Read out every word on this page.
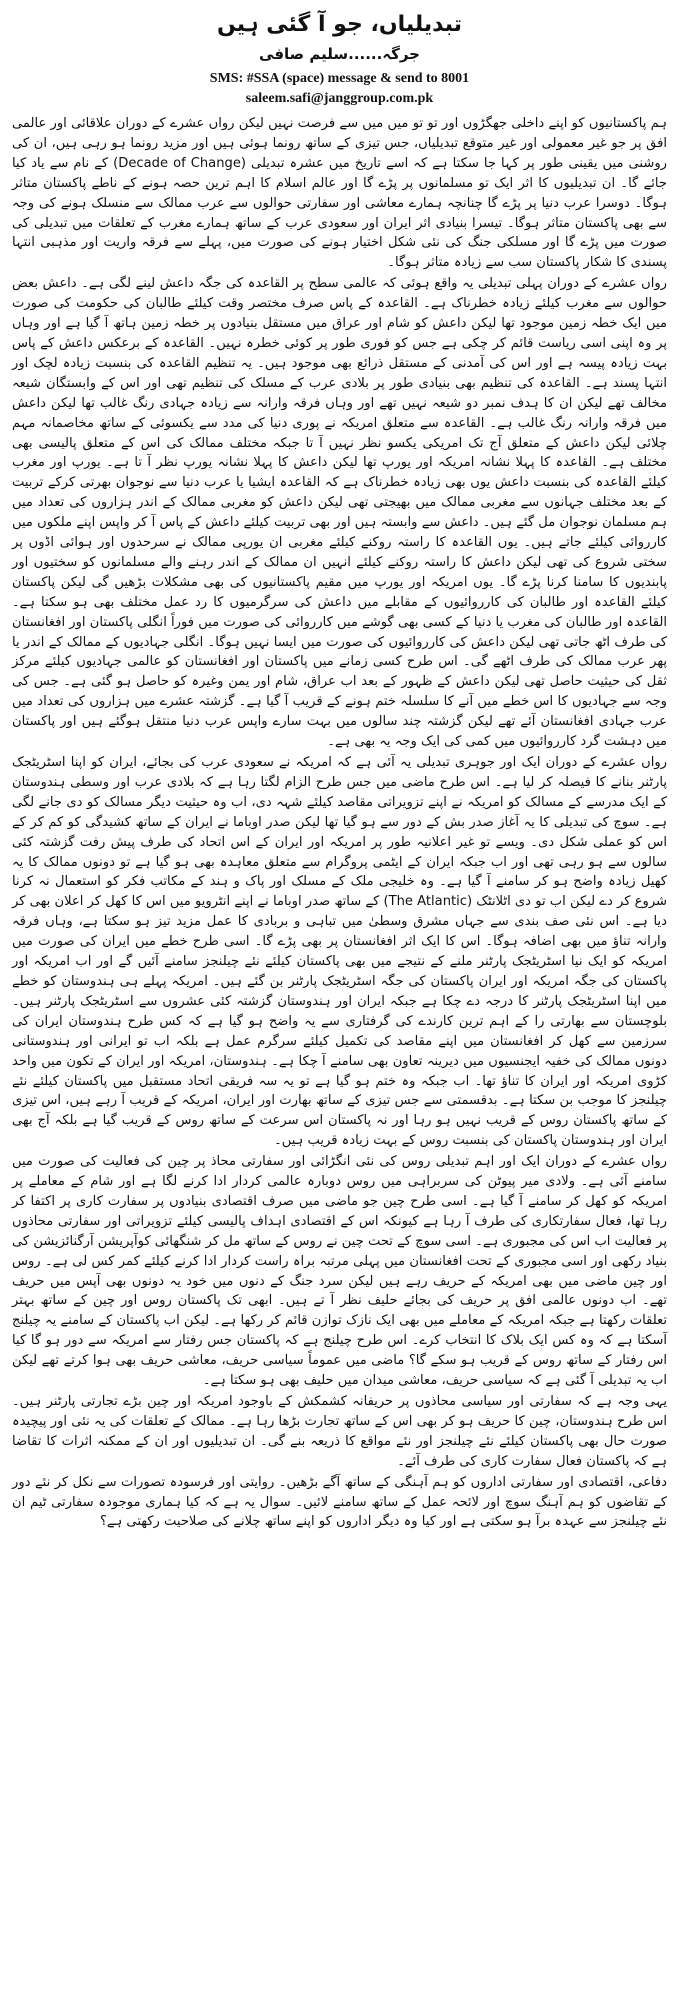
تبدیلیاں، جو آ گئی ہیں
جرگہ......سلیم صافی
SMS: #SSA (space) message & send to 8001
saleem.safi@janggroup.com.pk

ہم پاکستانیوں کو اپنے داخلی جھگڑوں اور تو تو میں میں سے فرصت نہیں لیکن رواں عشرے کے دوران علاقائی اور عالمی افق پر جو غیر معمولی اور غیر متوقع تبدیلیاں، جس تیزی کے ساتھ رونما ہوئی ہیں اور مزید رونما ہو رہی ہیں، ان کی روشنی میں یقینی طور پر کہا جا سکتا ہے کہ اسے تاریخ میں عشرہ تبدیلی (Decade of Change) کے نام سے یاد کیا جائے گا۔ ان تبدیلیوں کا اثر ایک تو مسلمانوں پر پڑے گا اور عالم اسلام کا اہم ترین حصہ ہونے کے ناطے پاکستان متاثر ہوگا۔ دوسرا عرب دنیا پر پڑے گا چنانچہ ہمارے معاشی اور سفارتی حوالوں سے عرب ممالک سے منسلک ہونے کی وجہ سے بھی پاکستان متاثر ہوگا۔ تیسرا بنیادی اثر ایران اور سعودی عرب کے ساتھ ہمارے مغرب کے تعلقات میں تبدیلی کی صورت میں پڑے گا اور مسلکی جنگ کی نئی شکل اختیار ہونے کی صورت میں، پہلے سے فرقہ واریت اور مذہبی انتہا پسندی کا شکار پاکستان سب سے زیادہ متاثر ہوگا۔

رواں عشرے کے دوران پہلی تبدیلی یہ واقع ہوئی کہ عالمی سطح پر القاعدہ کی جگہ داعش لینے لگی ہے۔ داعش بعض حوالوں سے مغرب کیلئے زیادہ خطرناک ہے۔ القاعدہ کے پاس صرف مختصر وقت کیلئے طالبان کی حکومت کی صورت میں ایک خطہ زمین موجود تھا لیکن داعش کو شام اور عراق میں مستقل بنیادوں پر خطہ زمین ہاتھ آ گیا ہے اور وہاں پر وہ اپنی اسی ریاست قائم کر چکی ہے جس کو فوری طور پر کوئی خطرہ نہیں۔ القاعدہ کے برعکس داعش کے پاس بہت زیادہ پیسہ ہے اور اس کی آمدنی کے مستقل ذرائع بھی موجود ہیں۔ یہ تنظیم القاعدہ کی بنسبت زیادہ لچک اور انتہا پسند ہے۔ القاعدہ کی تنظیم بھی بنیادی طور پر بلادی عرب کے مسلک کی تنظیم تھی اور اس کے وابستگان شیعہ مخالف تھے لیکن ان کا ہدف نمبر دو شیعہ نہیں تھے اور وہاں فرقہ وارانہ سے زیادہ جہادی رنگ غالب تھا لیکن داعش میں فرقہ وارانہ رنگ غالب ہے۔ القاعدہ سے متعلق امریکہ نے پوری دنیا کی مدد سے یکسوئی کے ساتھ مخاصمانہ مہم چلائی لیکن داعش کے متعلق آج تک امریکی یکسو نظر نہیں آ تا جبکہ مختلف ممالک کی اس کے متعلق پالیسی بھی مختلف ہے۔ القاعدہ کا پہلا نشانہ امریکہ اور یورپ تھا لیکن داعش کا پہلا نشانہ یورپ نظر آ تا ہے۔ یورپ اور مغرب کیلئے القاعدہ کی بنسبت داعش یوں بھی زیادہ خطرناک ہے کہ القاعدہ ایشیا یا عرب دنیا سے نوجوان بھرتی کرکے تربیت کے بعد مختلف جہانوں سے مغربی ممالک میں بھیجتی تھی لیکن داعش کو مغربی ممالک کے اندر ہزاروں کی تعداد میں ہم مسلمان نوجوان مل گئے ہیں۔ داعش سے وابستہ ہیں اور بھی تربیت کیلئے داعش کے پاس آ کر واپس اپنے ملکوں میں کارروائی کیلئے جاتے ہیں۔ یوں القاعدہ کا راستہ روکنے کیلئے مغربی ان یورپی ممالک نے سرحدوں اور ہوائی اڈوں پر سختی شروع کی تھی لیکن داعش کا راستہ روکنے کیلئے انہیں ان ممالک کے اندر رہنے والے مسلمانوں کو سختیوں اور پابندیوں کا سامنا کرنا پڑے گا۔ یوں امریکہ اور یورپ میں مقیم پاکستانیوں کی بھی مشکلات بڑھیں گی لیکن پاکستان کیلئے القاعدہ اور طالبان کی کارروائیوں کے مقابلے میں داعش کی سرگرمیوں کا رد عمل مختلف بھی ہو سکتا ہے۔ القاعدہ اور طالبان کی مغرب یا دنیا کے کسی بھی گوشے میں کارروائی کی صورت میں فوراً انگلی پاکستان اور افغانستان کی طرف اٹھ جاتی تھی لیکن داعش کی کارروائیوں کی صورت میں ایسا نہیں ہوگا۔ انگلی جہادیوں کے ممالک کے اندر یا پھر عرب ممالک کی طرف اٹھے گی۔ اس طرح کسی زمانے میں پاکستان اور افغانستان کو عالمی جہادیوں کیلئے مرکز ثقل کی حیثیت حاصل تھی لیکن داعش کے ظہور کے بعد اب عراق، شام اور یمن وغیرہ کو حاصل ہو گئی ہے۔ جس کی وجہ سے جہادیوں کا اس خطے میں آنے کا سلسلہ ختم ہونے کے قریب آ گیا ہے۔ گزشتہ عشرے میں ہزاروں کی تعداد میں عرب جہادی افغانستان آئے تھے لیکن گزشتہ چند سالوں میں بہت سارے واپس عرب دنیا منتقل ہوگئے ہیں اور پاکستان میں دہشت گرد کارروائیوں میں کمی کی ایک وجہ یہ بھی ہے۔

رواں عشرے کے دوران ایک اور جوہری تبدیلی یہ آئی ہے کہ امریکہ نے سعودی عرب کی بجائے، ایران کو اپنا اسٹریٹجک پارٹنر بنانے کا فیصلہ کر لیا ہے۔ اس طرح ماضی میں جس طرح الزام لگتا رہا ہے کہ بلادی عرب اور وسطی ہندوستان کے ایک مدرسے کے مسالک کو امریکہ نے اپنے تزویراتی مقاصد کیلئے شہہ دی، اب وہ حیثیت دیگر مسالک کو دی جانے لگی ہے۔ سوچ کی تبدیلی کا یہ آغاز صدر بش کے دور سے ہو گیا تھا لیکن صدر اوباما نے ایران کے ساتھ کشیدگی کو کم کر کے اس کو عملی شکل دی۔ ویسے تو غیر اعلانیہ طور پر امریکہ اور ایران کے اس اتحاد کی طرف پیش رفت گزشتہ کئی سالوں سے ہو رہی تھی اور اب جبکہ ایران کے ایٹمی پروگرام سے متعلق معاہدہ بھی ہو گیا ہے تو دونوں ممالک کا یہ کھیل زیادہ واضح ہو کر سامنے آ گیا ہے۔ وہ خلیجی ملک کے مسلک اور پاک و ہند کے مکاتب فکر کو استعمال نہ کرنا شروع کر دے لیکن اب تو دی اٹلانٹک (The Atlantic) کے ساتھ صدر اوباما نے اپنے انٹرویو میں اس کا کھل کر اعلان بھی کر دیا ہے۔ اس نئی صف بندی سے جہاں مشرق وسطیٰ میں تباہی و بربادی کا عمل مزید تیز ہو سکتا ہے، وہاں فرقہ وارانہ تناؤ میں بھی اضافہ ہوگا۔ اس کا ایک اثر افغانستان پر بھی پڑے گا۔ اسی طرح خطے میں ایران کی صورت میں امریکہ کو ایک نیا اسٹریٹجک پارٹنر ملنے کے نتیجے میں بھی پاکستان کیلئے نئے چیلنجز سامنے آئیں گے اور اب امریکہ اور پاکستان کی جگہ امریکہ اور ایران پاکستان کی جگہ اسٹریٹجک پارٹنر بن گئے ہیں۔ امریکہ پہلے ہی ہندوستان کو خطے میں اپنا اسٹریٹجک پارٹنر کا درجہ دے چکا ہے جبکہ ایران اور ہندوستان گزشتہ کئی عشروں سے اسٹریٹجک پارٹنر ہیں۔ بلوچستان سے بھارتی را کے اہم ترین کارندے کی گرفتاری سے یہ واضح ہو گیا ہے کہ کس طرح ہندوستان ایران کی سرزمین سے کھل کر افغانستان میں اپنے مقاصد کی تکمیل کیلئے سرگرم عمل ہے بلکہ اب تو ایرانی اور ہندوستانی دونوں ممالک کی خفیہ ایجنسیوں میں دیرینہ تعاون بھی سامنے آ چکا ہے۔ ہندوستان، امریکہ اور ایران کے تکون میں واحد کڑوی امریکہ اور ایران کا تناؤ تھا۔ اب جبکہ وہ ختم ہو گیا ہے تو یہ سہ فریقی اتحاد مستقبل میں پاکستان کیلئے نئے چیلنجز کا موجب بن سکتا ہے۔ بدقسمتی سے جس تیزی کے ساتھ بھارت اور ایران، امریکہ کے قریب آ رہے ہیں، اس تیزی کے ساتھ پاکستان روس کے قریب نہیں ہو رہا اور نہ پاکستان اس سرعت کے ساتھ روس کے قریب گیا ہے بلکہ آج بھی ایران اور ہندوستان پاکستان کی بنسبت روس کے بہت زیادہ قریب ہیں۔

رواں عشرے کے دوران ایک اور اہم تبدیلی روس کی نئی انگڑائی اور سفارتی محاذ پر چین کی فعالیت کی صورت میں سامنے آئی ہے۔ ولادی میر پیوٹن کی سربراہی میں روس دوبارہ عالمی کردار ادا کرنے لگا ہے اور شام کے معاملے پر امریکہ کو کھل کر سامنے آ گیا ہے۔ اسی طرح چین جو ماضی میں صرف اقتصادی بنیادوں پر سفارت کاری پر اکتفا کر رہا تھا، فعال سفارتکاری کی طرف آ رہا ہے کیونکہ اس کے اقتصادی اہداف پالیسی کیلئے تزویراتی اور سفارتی محاذوں پر فعالیت اب اس کی مجبوری ہے۔ اسی سوچ کے تحت چین نے روس کے ساتھ مل کر شنگھائی کوآپریشن آرگنائزیشن کی بنیاد رکھی اور اسی مجبوری کے تحت افغانستان میں پہلی مرتبہ براہ راست کردار ادا کرنے کیلئے کمر کس لی ہے۔ روس اور چین ماضی میں بھی امریکہ کے حریف رہے ہیں لیکن سرد جنگ کے دنوں میں خود یہ دونوں بھی آپس میں حریف تھے۔ اب دونوں عالمی افق پر حریف کی بجائے حلیف نظر آ تے ہیں۔ ابھی تک پاکستان روس اور چین کے ساتھ بہتر تعلقات رکھتا ہے جبکہ امریکہ کے معاملے میں بھی ایک نازک توازن قائم کر رکھا ہے۔ لیکن اب پاکستان کے سامنے یہ چیلنج آسکتا ہے کہ وہ کس ایک بلاک کا انتخاب کرے۔ اس طرح چیلنج ہے کہ پاکستان جس رفتار سے امریکہ سے دور ہو گا کیا اس رفتار کے ساتھ روس کے قریب ہو سکے گا؟ ماضی میں عموماً سیاسی حریف، معاشی حریف بھی ہوا کرتے تھے لیکن اب یہ تبدیلی آ گئی ہے کہ سیاسی حریف، معاشی میدان میں حلیف بھی ہو سکتا ہے۔

یہی وجہ ہے کہ سفارتی اور سیاسی محاذوں پر حریفانہ کشمکش کے باوجود امریکہ اور چین بڑے تجارتی پارٹنر ہیں۔ اس طرح ہندوستان، چین کا حریف ہو کر بھی اس کے ساتھ تجارت بڑھا رہا ہے۔ ممالک کے تعلقات کی یہ نئی اور پیچیدہ صورت حال بھی پاکستان کیلئے نئے چیلنجز اور نئے مواقع کا ذریعہ بنے گی۔ ان تبدیلیوں اور ان کے ممکنہ اثرات کا تقاضا ہے کہ پاکستان فعال سفارت کاری کی طرف آئے۔

دفاعی، اقتصادی اور سفارتی اداروں کو ہم آہنگی کے ساتھ آگے بڑھیں۔ روایتی اور فرسودہ تصورات سے نکل کر نئے دور کے تقاضوں کو ہم آہنگ سوچ اور لائحہ عمل کے ساتھ سامنے لائیں۔ سوال یہ ہے کہ کیا ہماری موجودہ سفارتی ٹیم ان نئے چیلنجز سے عہدہ برآ ہو سکتی ہے اور کیا وہ دیگر اداروں کو اپنے ساتھ چلانے کی صلاحیت رکھتی ہے؟
